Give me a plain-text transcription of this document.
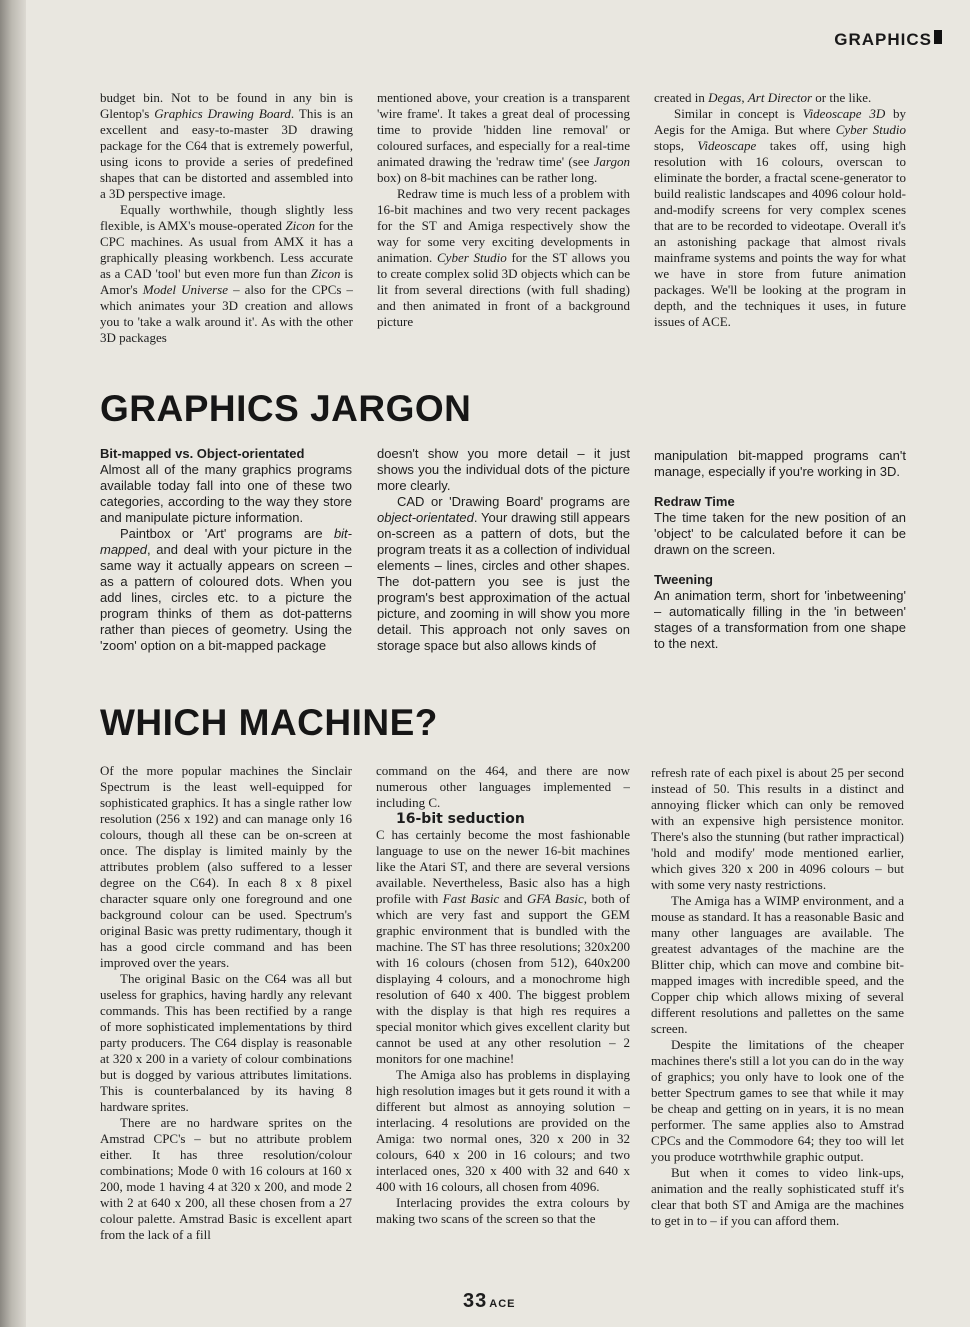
GRAPHICS

budget bin. Not to be found in any bin is Glentop's Graphics Drawing Board. This is an excellent and easy-to-master 3D drawing package for the C64 that is extremely powerful, using icons to provide a series of predefined shapes that can be distorted and assembled into a 3D perspective image.

Equally worthwhile, though slightly less flexible, is AMX's mouse-operated Zicon for the CPC machines. As usual from AMX it has a graphically pleasing workbench. Less accurate as a CAD 'tool' but even more fun than Zicon is Amor's Model Universe – also for the CPCs – which animates your 3D creation and allows you to 'take a walk around it'. As with the other 3D packages

mentioned above, your creation is a transparent 'wire frame'. It takes a great deal of processing time to provide 'hidden line removal' or coloured surfaces, and especially for a real-time animated drawing the 'redraw time' (see Jargon box) on 8-bit machines can be rather long.

Redraw time is much less of a problem with 16-bit machines and two very recent packages for the ST and Amiga respectively show the way for some very exciting developments in animation. Cyber Studio for the ST allows you to create complex solid 3D objects which can be lit from several directions (with full shading) and then animated in front of a background picture

created in Degas, Art Director or the like.

Similar in concept is Videoscape 3D by Aegis for the Amiga. But where Cyber Studio stops, Videoscape takes off, using high resolution with 16 colours, overscan to eliminate the border, a fractal scene-generator to build realistic landscapes and 4096 colour hold-and-modify screens for very complex scenes that are to be recorded to videotape. Overall it's an astonishing package that almost rivals mainframe systems and points the way for what we have in store from future animation packages. We'll be looking at the program in depth, and the techniques it uses, in future issues of ACE.

GRAPHICS JARGON
Bit-mapped vs. Object-orientated

Almost all of the many graphics programs available today fall into one of these two categories, according to the way they store and manipulate picture information.

Paintbox or 'Art' programs are bit-mapped, and deal with your picture in the same way it actually appears on screen – as a pattern of coloured dots. When you add lines, circles etc. to a picture the program thinks of them as dot-patterns rather than pieces of geometry. Using the 'zoom' option on a bit-mapped package

doesn't show you more detail – it just shows you the individual dots of the picture more clearly.

CAD or 'Drawing Board' programs are object-orientated. Your drawing still appears on-screen as a pattern of dots, but the program treats it as a collection of individual elements – lines, circles and other shapes. The dot-pattern you see is just the program's best approximation of the actual picture, and zooming in will show you more detail. This approach not only saves on storage space but also allows kinds of

manipulation bit-mapped programs can't manage, especially if you're working in 3D.

Redraw Time

The time taken for the new position of an 'object' to be calculated before it can be drawn on the screen.

Tweening

An animation term, short for 'inbetweening' – automatically filling in the 'in between' stages of a transformation from one shape to the next.

WHICH MACHINE?

Of the more popular machines the Sinclair Spectrum is the least well-equipped for sophisticated graphics. It has a single rather low resolution (256 x 192) and can manage only 16 colours, though all these can be on-screen at once. The display is limited mainly by the attributes problem (also suffered to a lesser degree on the C64). In each 8 x 8 pixel character square only one foreground and one background colour can be used. Spectrum's original Basic was pretty rudimentary, though it has a good circle command and has been improved over the years.

The original Basic on the C64 was all but useless for graphics, having hardly any relevant commands. This has been rectified by a range of more sophisticated implementations by third party producers. The C64 display is reasonable at 320 x 200 in a variety of colour combinations but is dogged by various attributes limitations. This is counterbalanced by its having 8 hardware sprites.

There are no hardware sprites on the Amstrad CPC's – but no attribute problem either. It has three resolution/colour combinations; Mode 0 with 16 colours at 160 x 200, mode 1 having 4 at 320 x 200, and mode 2 with 2 at 640 x 200, all these chosen from a 27 colour palette. Amstrad Basic is excellent apart from the lack of a fill

command on the 464, and there are now numerous other languages implemented – including C.

16-bit seduction

C has certainly become the most fashionable language to use on the newer 16-bit machines like the Atari ST, and there are several versions available. Nevertheless, Basic also has a high profile with Fast Basic and GFA Basic, both of which are very fast and support the GEM graphic environment that is bundled with the machine. The ST has three resolutions; 320x200 with 16 colours (chosen from 512), 640x200 displaying 4 colours, and a monochrome high resolution of 640 x 400. The biggest problem with the display is that high res requires a special monitor which gives excellent clarity but cannot be used at any other resolution – 2 monitors for one machine!

The Amiga also has problems in displaying high resolution images but it gets round it with a different but almost as annoying solution – interlacing. 4 resolutions are provided on the Amiga: two normal ones, 320 x 200 in 32 colours, 640 x 200 in 16 colours; and two interlaced ones, 320 x 400 with 32 and 640 x 400 with 16 colours, all chosen from 4096.

Interlacing provides the extra colours by making two scans of the screen so that the

refresh rate of each pixel is about 25 per second instead of 50. This results in a distinct and annoying flicker which can only be removed with an expensive high persistence monitor. There's also the stunning (but rather impractical) 'hold and modify' mode mentioned earlier, which gives 320 x 200 in 4096 colours – but with some very nasty restrictions.

The Amiga has a WIMP environment, and a mouse as standard. It has a reasonable Basic and many other languages are available. The greatest advantages of the machine are the Blitter chip, which can move and combine bit-mapped images with incredible speed, and the Copper chip which allows mixing of several different resolutions and pallettes on the same screen.

Despite the limitations of the cheaper machines there's still a lot you can do in the way of graphics; you only have to look one of the better Spectrum games to see that while it may be cheap and getting on in years, it is no mean performer. The same applies also to Amstrad CPCs and the Commodore 64; they too will let you produce wotrthwhile graphic output.

But when it comes to video link-ups, animation and the really sophisticated stuff it's clear that both ST and Amiga are the machines to get in to – if you can afford them.

33 ACE
